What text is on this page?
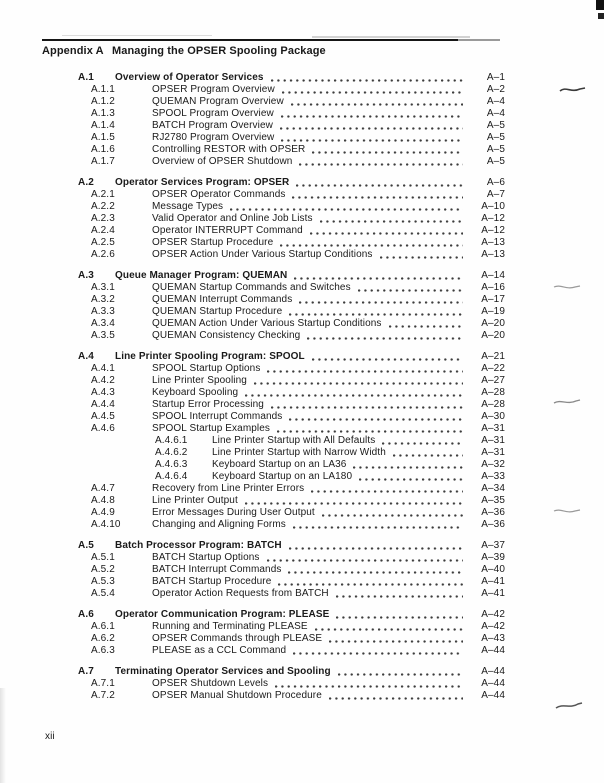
Appendix A Managing the OPSER Spooling Package
A.1	Overview of Operator Services	A–1
A.1.1	OPSER Program Overview	A–2
A.1.2	QUEMAN Program Overview	A–4
A.1.3	SPOOL Program Overview	A–4
A.1.4	BATCH Program Overview	A–5
A.1.5	RJ2780 Program Overview	A–5
A.1.6	Controlling RESTOR with OPSER	A–5
A.1.7	Overview of OPSER Shutdown	A–5
A.2	Operator Services Program: OPSER	A–6
A.2.1	OPSER Operator Commands	A–7
A.2.2	Message Types	A–10
A.2.3	Valid Operator and Online Job Lists	A–12
A.2.4	Operator INTERRUPT Command	A–12
A.2.5	OPSER Startup Procedure	A–13
A.2.6	OPSER Action Under Various Startup Conditions	A–13
A.3	Queue Manager Program: QUEMAN	A–14
A.3.1	QUEMAN Startup Commands and Switches	A–16
A.3.2	QUEMAN Interrupt Commands	A–17
A.3.3	QUEMAN Startup Procedure	A–19
A.3.4	QUEMAN Action Under Various Startup Conditions	A–20
A.3.5	QUEMAN Consistency Checking	A–20
A.4	Line Printer Spooling Program: SPOOL	A–21
A.4.1	SPOOL Startup Options	A–22
A.4.2	Line Printer Spooling	A–27
A.4.3	Keyboard Spooling	A–28
A.4.4	Startup Error Processing	A–28
A.4.5	SPOOL Interrupt Commands	A–30
A.4.6	SPOOL Startup Examples	A–31
A.4.6.1	Line Printer Startup with All Defaults	A–31
A.4.6.2	Line Printer Startup with Narrow Width	A–31
A.4.6.3	Keyboard Startup on an LA36	A–32
A.4.6.4	Keyboard Startup on an LA180	A–33
A.4.7	Recovery from Line Printer Errors	A–34
A.4.8	Line Printer Output	A–35
A.4.9	Error Messages During User Output	A–36
A.4.10	Changing and Aligning Forms	A–36
A.5	Batch Processor Program: BATCH	A–37
A.5.1	BATCH Startup Options	A–39
A.5.2	BATCH Interrupt Commands	A–40
A.5.3	BATCH Startup Procedure	A–41
A.5.4	Operator Action Requests from BATCH	A–41
A.6	Operator Communication Program: PLEASE	A–42
A.6.1	Running and Terminating PLEASE	A–42
A.6.2	OPSER Commands through PLEASE	A–43
A.6.3	PLEASE as a CCL Command	A–44
A.7	Terminating Operator Services and Spooling	A–44
A.7.1	OPSER Shutdown Levels	A–44
A.7.2	OPSER Manual Shutdown Procedure	A–44
xii
